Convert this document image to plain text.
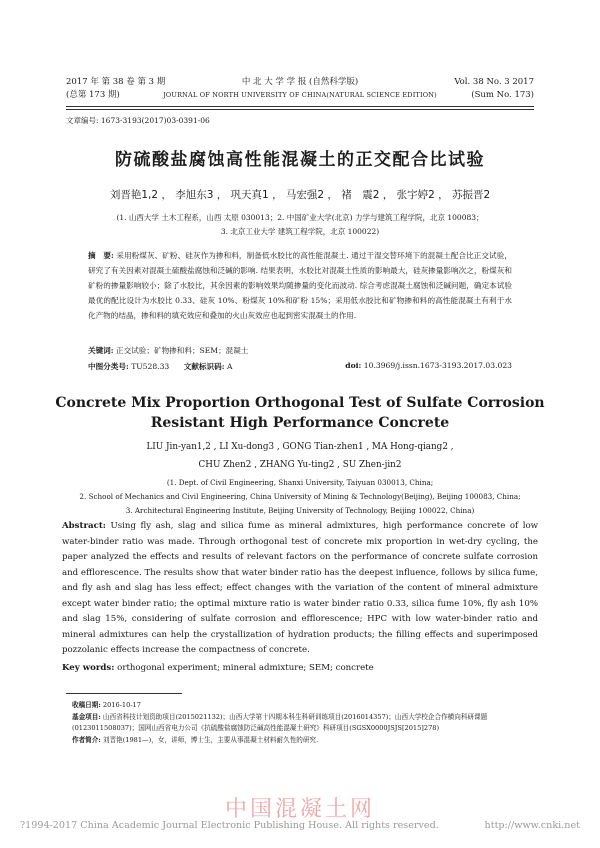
2017 年 第 38 卷 第 3 期
(总第 173 期)
中 北 大 学 学 报 (自然科学版)
JOURNAL OF NORTH UNIVERSITY OF CHINA(NATURAL SCIENCE EDITION)
Vol. 38 No. 3 2017
(Sum No. 173)
文章编号: 1673-3193(2017)03-0391-06
防硫酸盐腐蚀高性能混凝土的正交配合比试验
刘晋艳1,2 ， 李旭东3 ， 巩天真1 ， 马宏强2 ， 褚　震2 ， 张宇婷2 ， 苏振晋2
(1. 山西大学 土木工程系，山西 太原 030013；2. 中国矿业大学(北京) 力学与建筑工程学院，北京 100083；
3. 北京工业大学 建筑工程学院，北京 100022)
摘　要: 采用粉煤灰、矿粉、硅灰作为掺和料，制备低水胶比的高性能混凝土. 通过干湿交替环境下的混凝土配合比正交试验，研究了有关因素对混凝土硫酸盐腐蚀和泛碱的影响. 结果表明，水胶比对混凝土性质的影响最大，硅灰掺量影响次之，粉煤灰和矿粉的掺量影响较小；除了水胶比，其余因素的影响效果均随掺量的变化而波动. 综合考虑混凝土腐蚀和泛碱问题，确定本试验最优的配比设计为水胶比 0.33、硅灰 10%、粉煤灰 10%和矿粉 15%；采用低水胶比和矿物掺和料的高性能混凝土有利于水化产物的结晶，掺和料的填充效应和叠加的火山灰效应也起到密实混凝土的作用.
关键词: 正交试验；矿物掺和料；SEM；混凝土
中图分类号: TU528.33 文献标识码: A	doi: 10.3969/j.issn.1673-3193.2017.03.023
Concrete Mix Proportion Orthogonal Test of Sulfate Corrosion
Resistant High Performance Concrete
LIU Jin-yan1,2 , LI Xu-dong3 , GONG Tian-zhen1 , MA Hong-qiang2 ,
CHU Zhen2 , ZHANG Yu-ting2 , SU Zhen-jin2
(1. Dept. of Civil Engineering, Shanxi University, Taiyuan 030013, China;
2. School of Mechanics and Civil Engineering, China University of Mining & Technology(Beijing), Beijing 100083, China;
3. Architectural Engineering Institute, Beijing University of Technology, Beijing 100022, China)
Abstract: Using fly ash, slag and silica fume as mineral admixtures, high performance concrete of low water-binder ratio was made. Through orthogonal test of concrete mix proportion in wet-dry cycling, the paper analyzed the effects and results of relevant factors on the performance of concrete sulfate corrosion and efflorescence. The results show that water binder ratio has the deepest influence, follows by silica fume, and fly ash and slag has less effect; effect changes with the variation of the content of mineral admixture except water binder ratio; the optimal mixture ratio is water binder ratio 0.33, silica fume 10%, fly ash 10% and slag 15%, considering of sulfate corrosion and efflorescence; HPC with low water-binder ratio and mineral admixtures can help the crystallization of hydration products; the filling effects and superimposed pozzolanic effects increase the compactness of concrete.
Key words: orthogonal experiment; mineral admixture; SEM; concrete
收稿日期: 2016-10-17
基金项目: 山西省科技计划资助项目(2015021132)；山西大学第十四期本科生科研训练项目(2016014357)；山西大学校企合作横向科研课题(0123011508037)；国网山西省电力公司《抗硫酸盐腐蚀防泛碱高性能混凝土研究》科研项目(SGSX0000JSJS[2015]278)
作者简介: 刘晋艳(1981—)，女，讲师，博士生，主要从事混凝土材料耐久性的研究.
中国混凝土网
?1994-2017 China Academic Journal Electronic Publishing House. All rights reserved.	http://www.cnki.net
